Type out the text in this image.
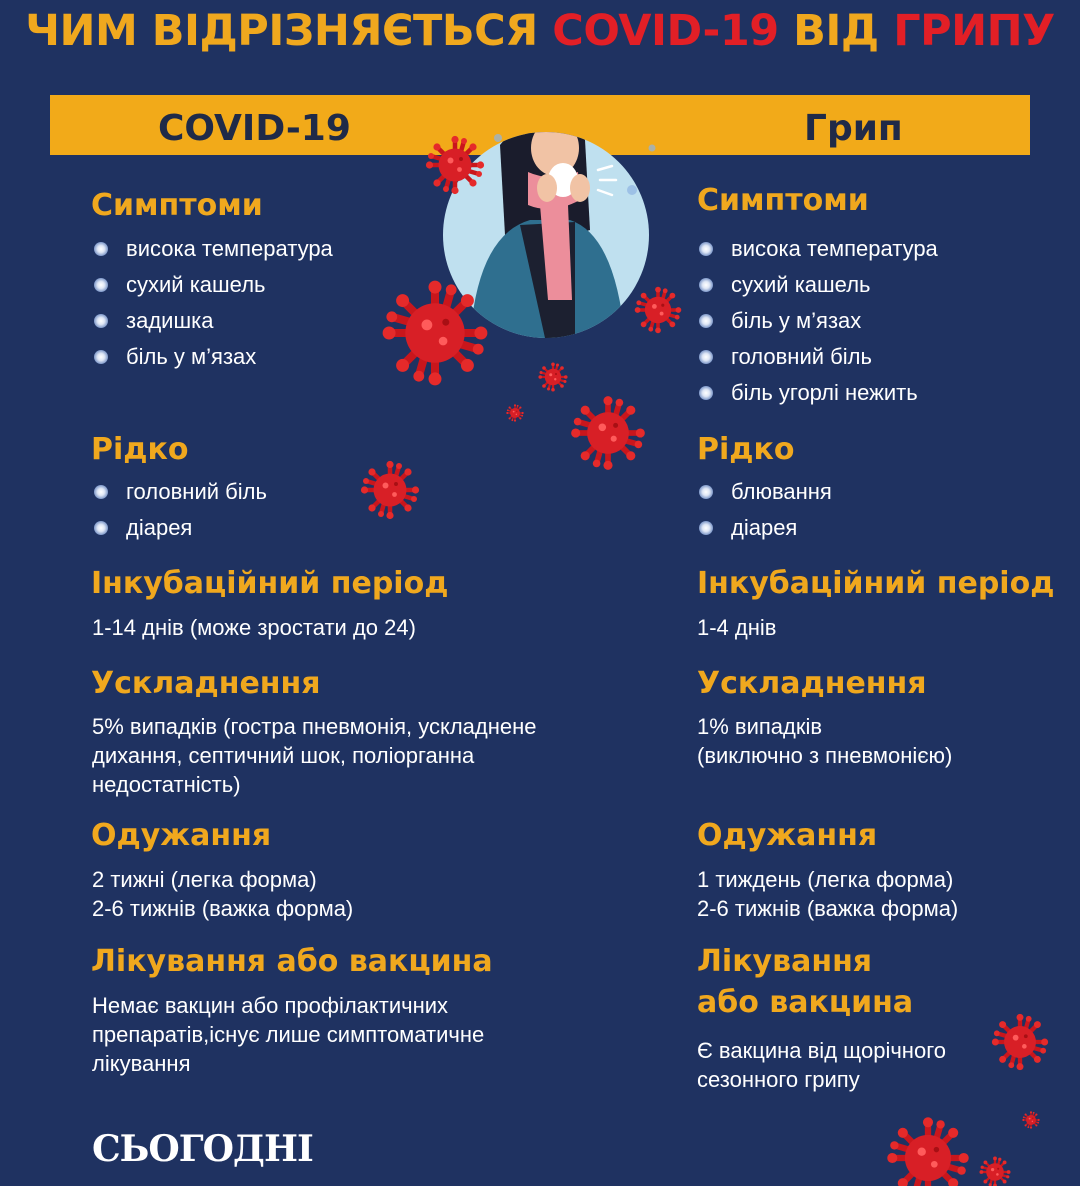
ЧИМ ВІДРІЗНЯЄТЬСЯ COVID-19 ВІД ГРИПУ
COVID-19	Грип
Симптоми
висока температура
сухий кашель
задишка
біль у м’язах
Рідко
головний біль
діарея
Інкубаційний період
1-14 днів (може зростати до 24)
Ускладнення
5% випадків (гостра пневмонія, ускладнене
дихання, септичний шок, поліорганна
недостатність)
Одужання
2 тижні (легка форма)
2-6 тижнів (важка форма)
Лікування або вакцина
Немає вакцин або профілактичних
препаратів,існує лише симптоматичне
лікування
Симптоми
висока температура
сухий кашель
біль у м’язах
головний біль
біль угорлі нежить
Рідко
блювання
діарея
Інкубаційний період
1-4 днів
Ускладнення
1% випадків
(виключно з пневмонією)
Одужання
1 тиждень (легка форма)
2-6 тижнів (важка форма)
Лікування
або вакцина
Є вакцина від щорічного
сезонного грипу
СЬОГОДНІ
